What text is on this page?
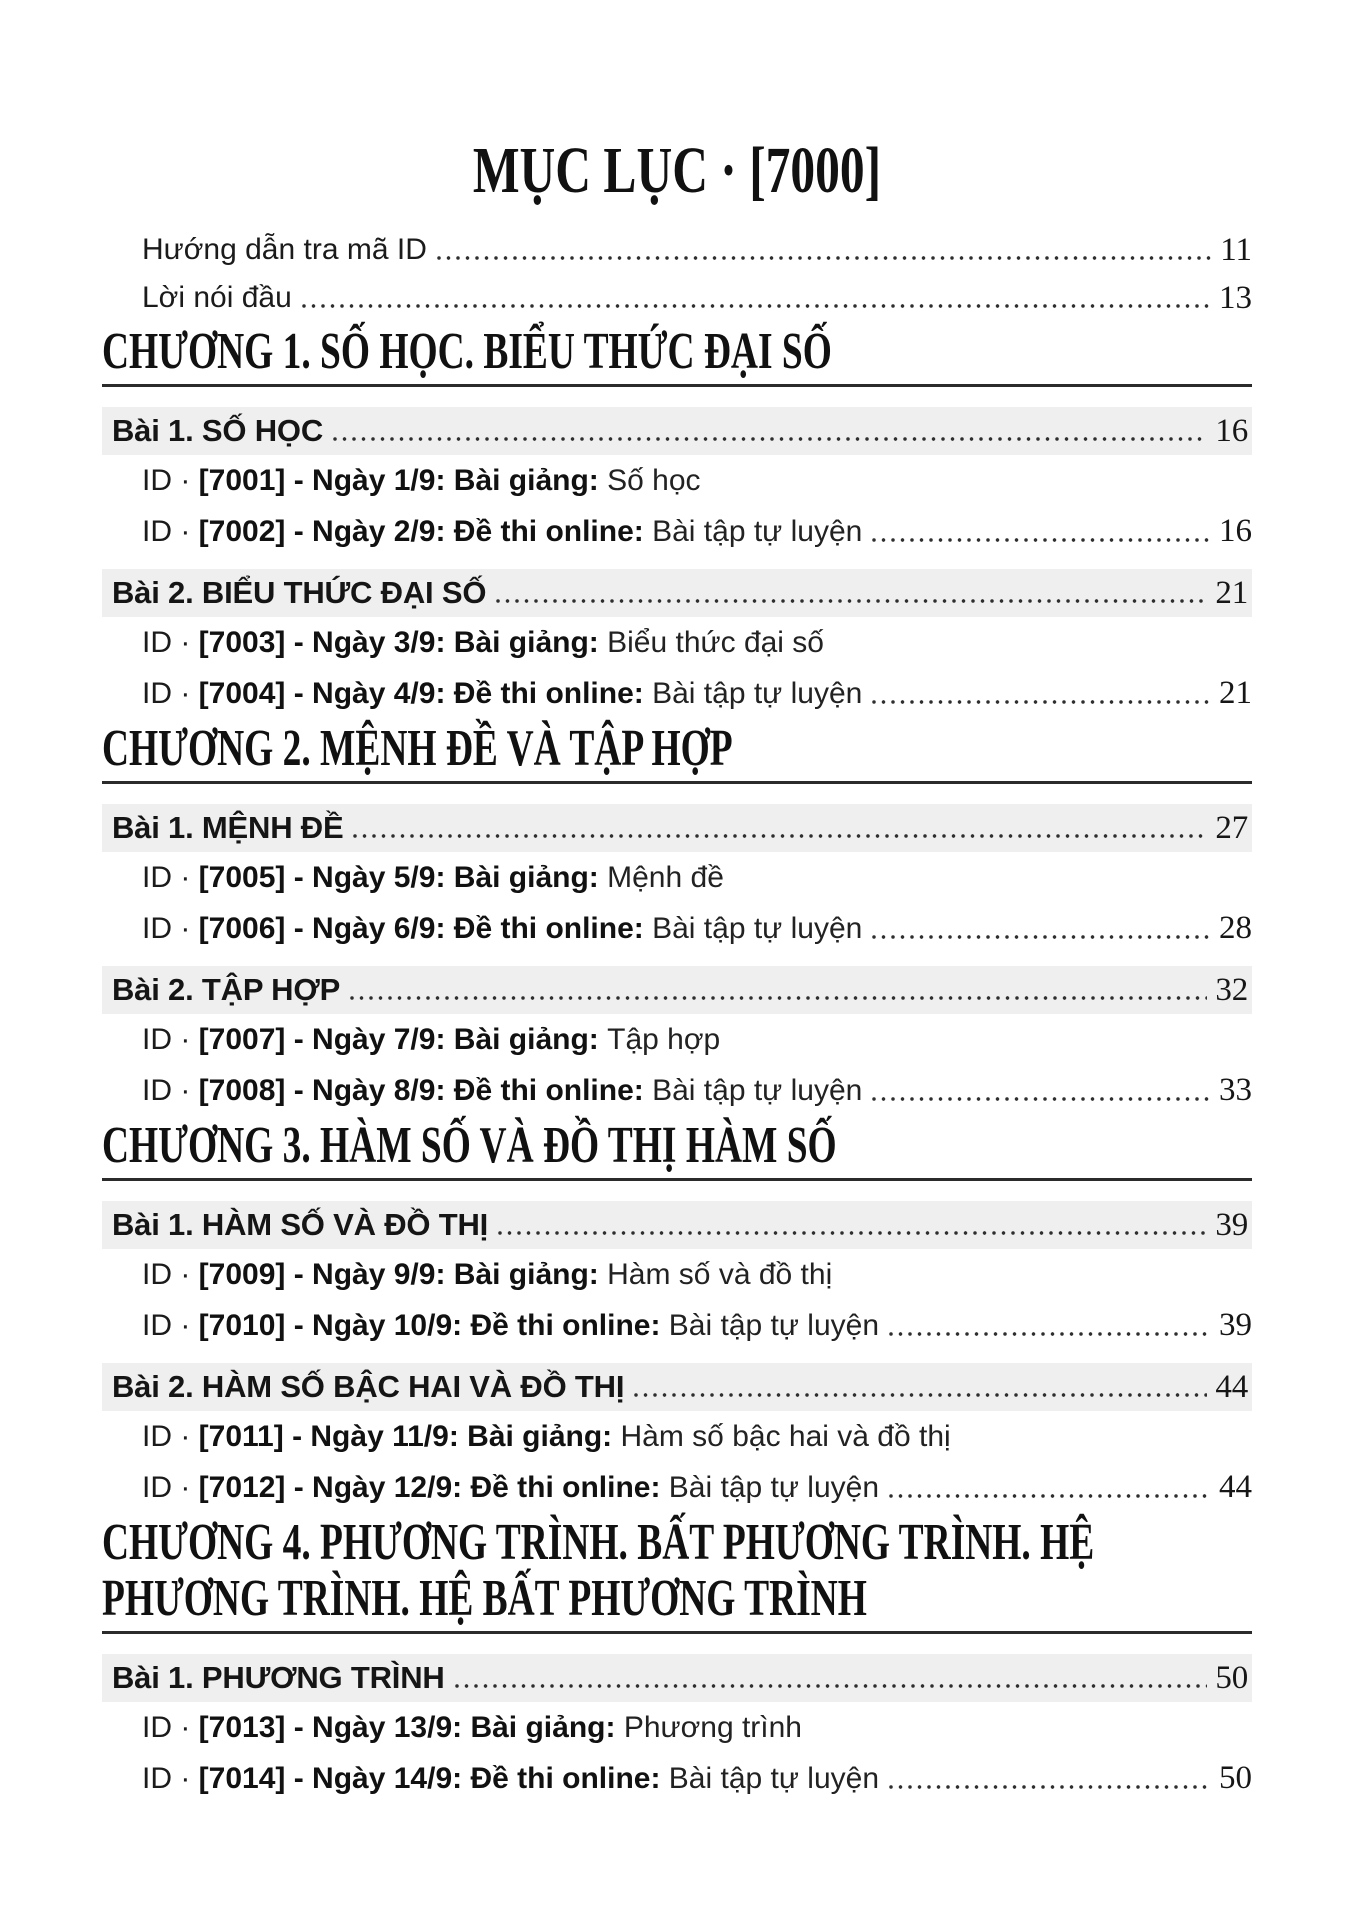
MỤC LỤC · [7000]
Hướng dẫn tra mã ID	11
Lời nói đầu	13
CHƯƠNG 1. SỐ HỌC. BIỂU THỨC ĐẠI SỐ
Bài 1. SỐ HỌC	16
ID · [7001] - Ngày 1/9: Bài giảng: Số học
ID · [7002] - Ngày 2/9: Đề thi online: Bài tập tự luyện	16
Bài 2. BIỂU THỨC ĐẠI SỐ	21
ID · [7003] - Ngày 3/9: Bài giảng: Biểu thức đại số
ID · [7004] - Ngày 4/9: Đề thi online: Bài tập tự luyện	21
CHƯƠNG 2. MỆNH ĐỀ VÀ TẬP HỢP
Bài 1. MỆNH ĐỀ	27
ID · [7005] - Ngày 5/9: Bài giảng: Mệnh đề
ID · [7006] - Ngày 6/9: Đề thi online: Bài tập tự luyện	28
Bài 2. TẬP HỢP	32
ID · [7007] - Ngày 7/9: Bài giảng: Tập hợp
ID · [7008] - Ngày 8/9: Đề thi online: Bài tập tự luyện	33
CHƯƠNG 3. HÀM SỐ VÀ ĐỒ THỊ HÀM SỐ
Bài 1. HÀM SỐ VÀ ĐỒ THỊ	39
ID · [7009] - Ngày 9/9: Bài giảng: Hàm số và đồ thị
ID · [7010] - Ngày 10/9: Đề thi online: Bài tập tự luyện	39
Bài 2. HÀM SỐ BẬC HAI VÀ ĐỒ THỊ	44
ID · [7011] - Ngày 11/9: Bài giảng: Hàm số bậc hai và đồ thị
ID · [7012] - Ngày 12/9: Đề thi online: Bài tập tự luyện	44
CHƯƠNG 4. PHƯƠNG TRÌNH. BẤT PHƯƠNG TRÌNH. HỆ PHƯƠNG TRÌNH. HỆ BẤT PHƯƠNG TRÌNH
Bài 1. PHƯƠNG TRÌNH	50
ID · [7013] - Ngày 13/9: Bài giảng: Phương trình
ID · [7014] - Ngày 14/9: Đề thi online: Bài tập tự luyện	50
